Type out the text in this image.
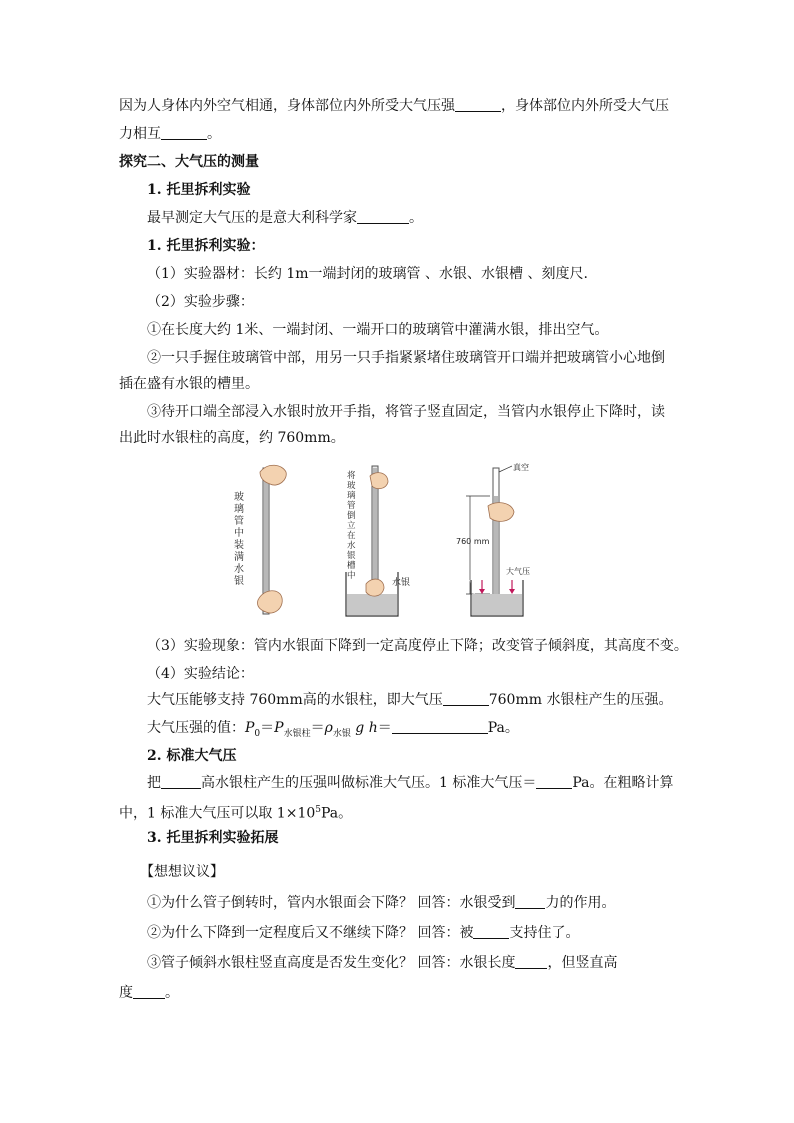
因为人身体内外空气相通，身体部位内外所受大气压强	，身体部位内外所受大气压
力相互	。
探究二、大气压的测量
1. 托里拆利实验
最早测定大气压的是意大利科学家	。
1. 托里拆利实验：
（1）实验器材：长约 1m一端封闭的玻璃管 、水银、水银槽 、刻度尺.
（2）实验步骤：
①在长度大约 1米、一端封闭、一端开口的玻璃管中灌满水银，排出空气。
②一只手握住玻璃管中部，用另一只手指紧紧堵住玻璃管开口端并把玻璃管小心地倒
插在盛有水银的槽里。
③待开口端全部浸入水银时放开手指，将管子竖直固定，当管内水银停止下降时，读
出此时水银柱的高度，约 760mm。
玻
璃
管
中
装
满
水
银
将
玻
璃
管
倒
立
在
水
银
槽
中
水银
真空
760 mm
大气压
（3）实验现象：管内水银面下降到一定高度停止下降；改变管子倾斜度，其高度不变。
（4）实验结论：
大气压能够支持 760mm高的水银柱，即大气压	760mm 水银柱产生的压强。
大气压强的值：$P_0=P_{水银柱}=\rho_{水银}$ g h＝	Pa。
2. 标准大气压
把	高水银柱产生的压强叫做标准大气压。1 标准大气压＝	Pa。在粗略计算
中，1 标准大气压可以取 $1\times 10^5Pa$。
3. 托里拆利实验拓展
【想想议议】
①为什么管子倒转时，管内水银面会下降？ 回答：水银受到 力的作用。
②为什么下降到一定程度后又不继续下降？ 回答：被	支持住了。
③管子倾斜水银柱竖直高度是否发生变化？ 回答：水银长度 ，但竖直高
度 。
